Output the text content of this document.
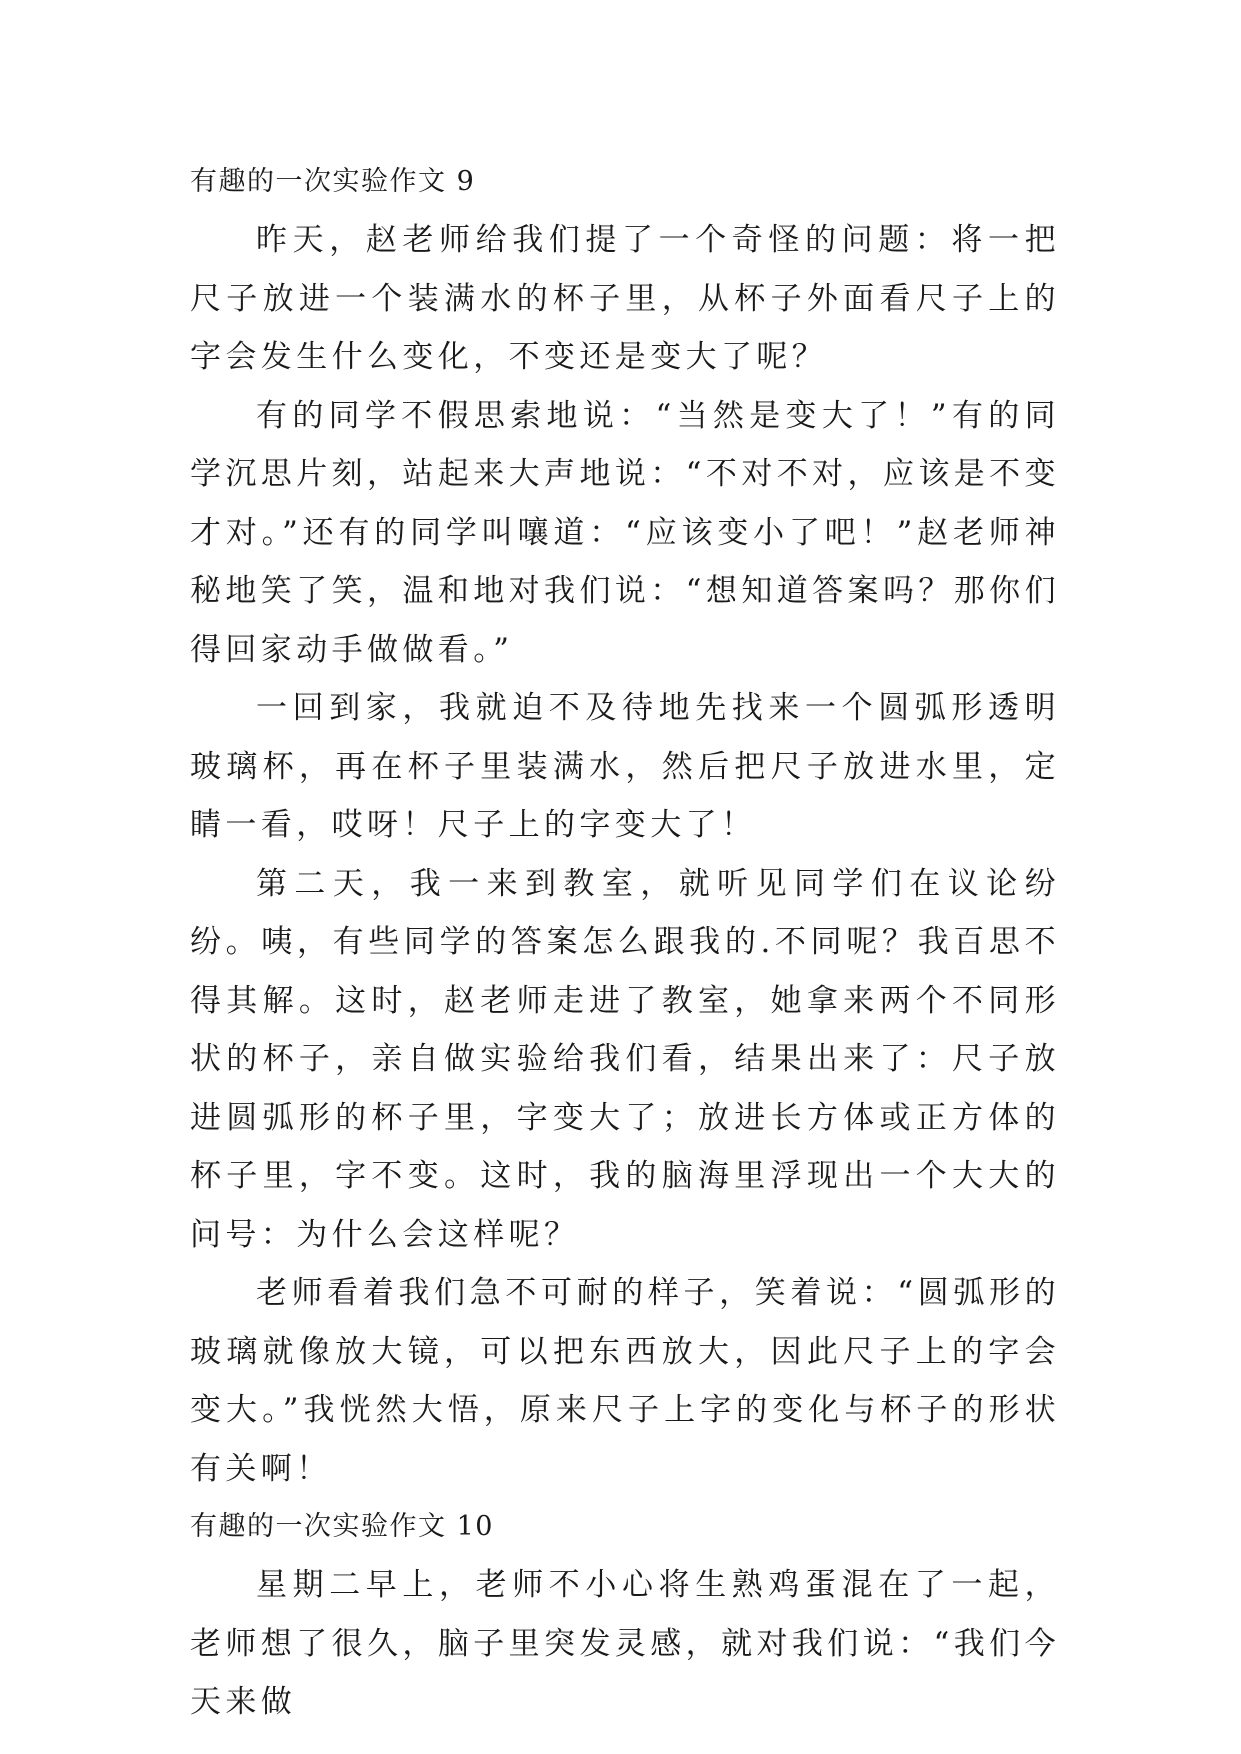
有趣的一次实验作文 9

昨天，赵老师给我们提了一个奇怪的问题：将一把尺子放进一个装满水的杯子里，从杯子外面看尺子上的字会发生什么变化，不变还是变大了呢？

有的同学不假思索地说：“当然是变大了！”有的同学沉思片刻，站起来大声地说：“不对不对，应该是不变才对。”还有的同学叫嚷道：“应该变小了吧！”赵老师神秘地笑了笑，温和地对我们说：“想知道答案吗？那你们得回家动手做做看。”

一回到家，我就迫不及待地先找来一个圆弧形透明玻璃杯，再在杯子里装满水，然后把尺子放进水里，定睛一看，哎呀！尺子上的字变大了！

第二天，我一来到教室，就听见同学们在议论纷纷。咦，有些同学的答案怎么跟我的.不同呢？我百思不得其解。这时，赵老师走进了教室，她拿来两个不同形状的杯子，亲自做实验给我们看，结果出来了：尺子放进圆弧形的杯子里，字变大了；放进长方体或正方体的杯子里，字不变。这时，我的脑海里浮现出一个大大的问号：为什么会这样呢？

老师看着我们急不可耐的样子，笑着说：“圆弧形的玻璃就像放大镜，可以把东西放大，因此尺子上的字会变大。”我恍然大悟，原来尺子上字的变化与杯子的形状有关啊！

有趣的一次实验作文 10

星期二早上，老师不小心将生熟鸡蛋混在了一起，老师想了很久，脑子里突发灵感，就对我们说：“我们今天来做
